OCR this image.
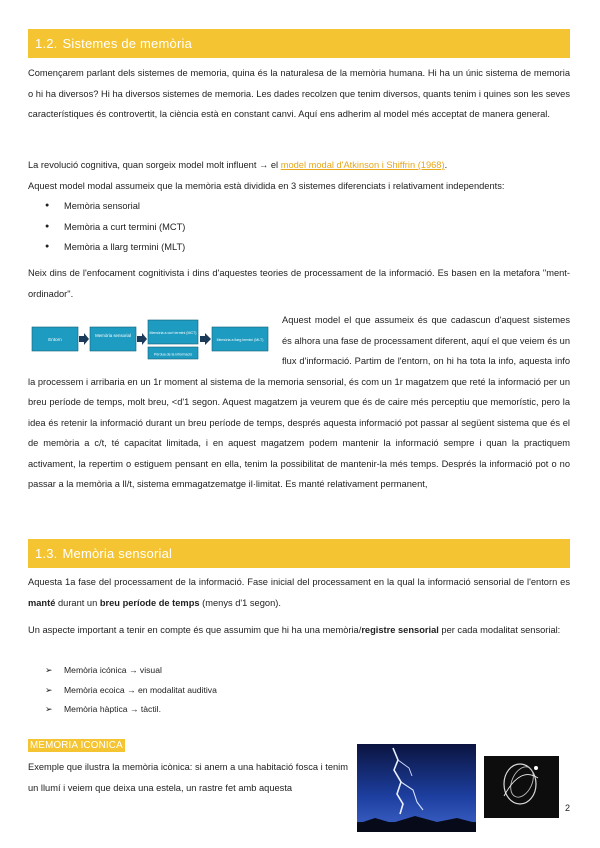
1.2. Sistemes de memòria
Començarem parlant dels sistemes de memoria, quina és la naturalesa de la memòria humana. Hi ha un únic sistema de memoria o hi ha diversos? Hi ha diversos sistemes de memoria. Les dades recolzen que tenim diversos, quants tenim i quines son les seves característiques és controvertit, la ciència està en constant canvi. Aquí ens adherim al model més acceptat de manera general.
La revolució cognitiva, quan sorgeix model molt influent → el model modal d'Atkinson i Shiffrin (1968).
Aquest model modal assumeix que la memòria està dividida en 3 sistemes diferenciats i relativament independents:
● Memòria sensorial
● Memòria a curt termini (MCT)
● Memòria a llarg termini (MLT)
Neix dins de l'enfocament cognitivista i dins d'aquestes teories de processament de la informació. Es basen en la metafora "ment-ordinador".
Entorn
Memòria sensorial	Memòria a curt termini (MCT)
Pèrdua de la informació
Memòria a llarg termini (MLT)
Aquest model el que assumeix és que cadascun d'aquest sistemes és alhora una fase de processament diferent, aquí el que veiem és un flux d'informació. Partim de l'entorn, on hi ha tota la info, aquesta info la processem i arribaria en un 1r moment al sistema de la memoria sensorial, és com un 1r magatzem que reté la informació per un breu període de temps, molt breu, <d'1 segon. Aquest magatzem ja veurem que és de caire més perceptiu que memorístic, pero la idea és retenir la informació durant un breu període de temps, després aquesta informació pot passar al següent sistema que és el de memòria a c/t, té capacitat limitada, i en aquest magatzem podem mantenir la informació sempre i quan la practiquem activament, la repertim o estiguem pensant en ella, tenim la possibilitat de mantenir-la més temps. Després la informació pot o no passar a la memòria a ll/t, sistema emmagatzematge il·limitat. Es manté relativament permanent,
1.3. Memòria sensorial
Aquesta 1a fase del processament de la informació. Fase inicial del processament en la qual la informació sensorial de l'entorn es manté durant un breu període de temps (menys d'1 segon).
Un aspecte important a tenir en compte és que assumim que hi ha una memòria/registre sensorial per cada modalitat sensorial:
➢ Memòria icónica → visual
➢ Memòria ecoica → en modalitat auditiva
➢ Memòria hàptica → tàctil.
MEMORIA ICONICA
Exemple que ilustra la memòria icònica: si anem a una habitació fosca i tenim un llumí i veiem que deixa una estela, un rastre fet amb aquesta
2
